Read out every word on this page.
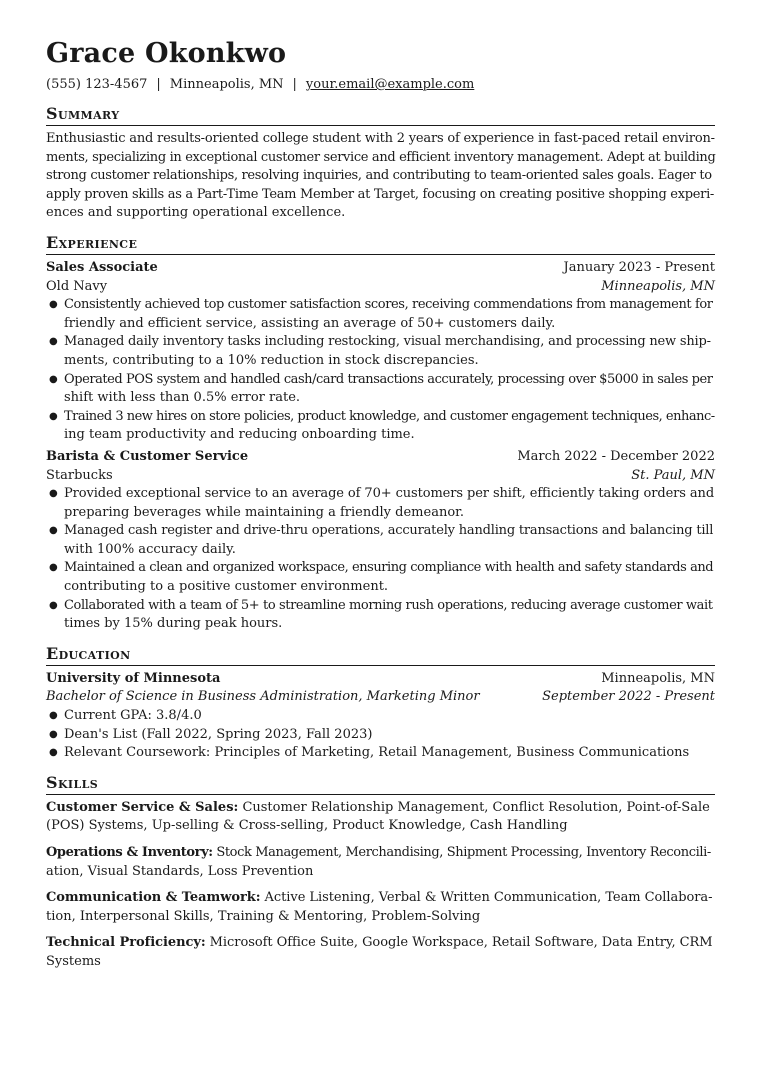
Grace Okonkwo
(555) 123-4567 | Minneapolis, MN | your.email@example.com
Summary
Enthusiastic and results-oriented college student with 2 years of experience in fast-paced retail environ-
ments, specializing in exceptional customer service and efficient inventory management. Adept at building
strong customer relationships, resolving inquiries, and contributing to team-oriented sales goals. Eager to
apply proven skills as a Part-Time Team Member at Target, focusing on creating positive shopping experi-
ences and supporting operational excellence.
Experience
Sales Associate	January 2023 - Present
Old Navy	Minneapolis, MN
● Consistently achieved top customer satisfaction scores, receiving commendations from management for
friendly and efficient service, assisting an average of 50+ customers daily.
● Managed daily inventory tasks including restocking, visual merchandising, and processing new ship-
ments, contributing to a 10% reduction in stock discrepancies.
● Operated POS system and handled cash/card transactions accurately, processing over $5000 in sales per
shift with less than 0.5% error rate.
● Trained 3 new hires on store policies, product knowledge, and customer engagement techniques, enhanc-
ing team productivity and reducing onboarding time.
Barista & Customer Service	March 2022 - December 2022
Starbucks	St. Paul, MN
● Provided exceptional service to an average of 70+ customers per shift, efficiently taking orders and
preparing beverages while maintaining a friendly demeanor.
● Managed cash register and drive-thru operations, accurately handling transactions and balancing till
with 100% accuracy daily.
● Maintained a clean and organized workspace, ensuring compliance with health and safety standards and
contributing to a positive customer environment.
● Collaborated with a team of 5+ to streamline morning rush operations, reducing average customer wait
times by 15% during peak hours.
Education
University of Minnesota	Minneapolis, MN
Bachelor of Science in Business Administration, Marketing Minor	September 2022 - Present
● Current GPA: 3.8/4.0
● Dean's List (Fall 2022, Spring 2023, Fall 2023)
● Relevant Coursework: Principles of Marketing, Retail Management, Business Communications
Skills
Customer Service & Sales: Customer Relationship Management, Conflict Resolution, Point-of-Sale
(POS) Systems, Up-selling & Cross-selling, Product Knowledge, Cash Handling
Operations & Inventory: Stock Management, Merchandising, Shipment Processing, Inventory Reconcili-
ation, Visual Standards, Loss Prevention
Communication & Teamwork: Active Listening, Verbal & Written Communication, Team Collabora-
tion, Interpersonal Skills, Training & Mentoring, Problem-Solving
Technical Proficiency: Microsoft Office Suite, Google Workspace, Retail Software, Data Entry, CRM
Systems
